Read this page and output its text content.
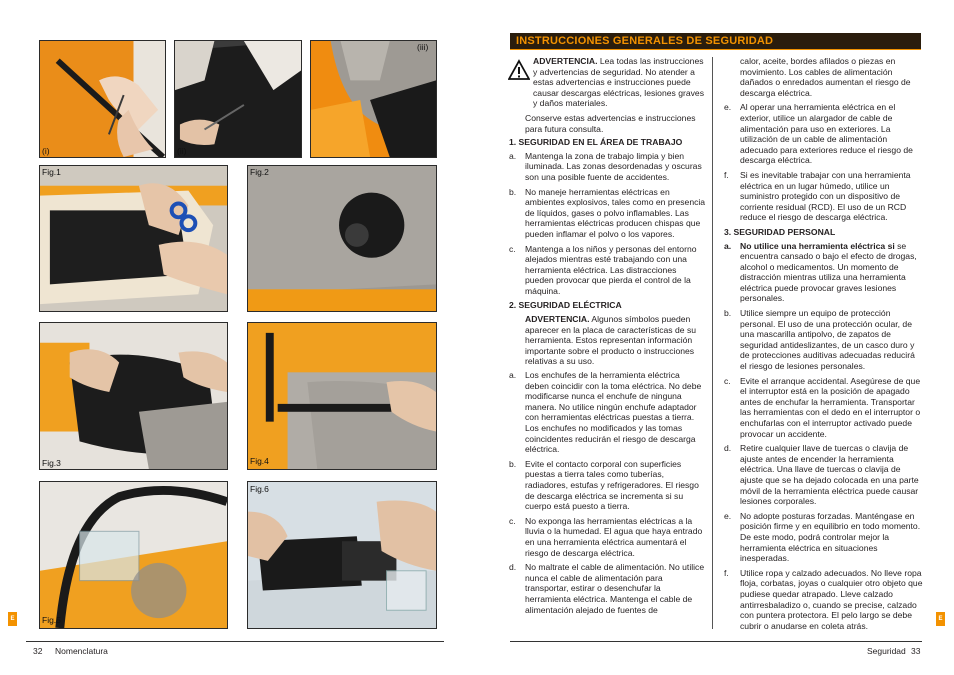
(i)	(ii)
(iii)
Fig.1	Fig.2
Fig.3	Fig.4
Fig.5
Fig.6
E	E
32 Nomenclatura	Seguridad 33
INSTRUCCIONES GENERALES DE SEGURIDAD

ADVERTENCIA. Lea todas las instrucciones y advertencias de seguridad. No atender a estas advertencias e instrucciones puede causar descargas eléctricas, lesiones graves y daños materiales.

Conserve estas advertencias e instrucciones para futura consulta.

1. SEGURIDAD EN EL ÁREA DE TRABAJO
a. Mantenga la zona de trabajo limpia y bien iluminada. Las zonas desordenadas y oscuras son una posible fuente de accidentes.
b. No maneje herramientas eléctricas en ambientes explosivos, tales como en presencia de líquidos, gases o polvo inflamables. Las herramientas eléctricas producen chispas que pueden inflamar el polvo o los vapores.
c. Mantenga a los niños y personas del entorno alejados mientras esté trabajando con una herramienta eléctrica. Las distracciones pueden provocar que pierda el control de la máquina.
2. SEGURIDAD ELÉCTRICA

ADVERTENCIA. Algunos símbolos pueden aparecer en la placa de características de su herramienta. Estos representan información importante sobre el producto o instrucciones relativas a su uso.

a. Los enchufes de la herramienta eléctrica deben coincidir con la toma eléctrica. No debe modificarse nunca el enchufe de ninguna manera. No utilice ningún enchufe adaptador con herramientas eléctricas puestas a tierra. Los enchufes no modificados y las tomas coincidentes reducirán el riesgo de descarga eléctrica.
b. Evite el contacto corporal con superficies puestas a tierra tales como tuberías, radiadores, estufas y refrigeradores. El riesgo de descarga eléctrica se incrementa si su cuerpo está puesto a tierra.
c. No exponga las herramientas eléctricas a la lluvia o la humedad. El agua que haya entrado en una herramienta eléctrica aumentará el riesgo de descarga eléctrica.
d. No maltrate el cable de alimentación. No utilice nunca el cable de alimentación para transportar, estirar o desenchufar la herramienta eléctrica. Mantenga el cable de alimentación alejado de fuentes de

calor, aceite, bordes afilados o piezas en movimiento. Los cables de alimentación dañados o enredados aumentan el riesgo de descarga eléctrica.

e. Al operar una herramienta eléctrica en el exterior, utilice un alargador de cable de alimentación para uso en exteriores. La utilización de un cable de alimentación adecuado para exteriores reduce el riesgo de descarga eléctrica.
f. Si es inevitable trabajar con una herramienta eléctrica en un lugar húmedo, utilice un suministro protegido con un dispositivo de corriente residual (RCD). El uso de un RCD reduce el riesgo de descarga eléctrica.
3. SEGURIDAD PERSONAL
a. No utilice una herramienta eléctrica si se encuentra cansado o bajo el efecto de drogas, alcohol o medicamentos. Un momento de distracción mientras utiliza una herramienta eléctrica puede provocar graves lesiones personales.
b. Utilice siempre un equipo de protección personal. El uso de una protección ocular, de una mascarilla antipolvo, de zapatos de seguridad antideslizantes, de un casco duro y de protecciones auditivas adecuadas reducirá el riesgo de lesiones personales.
c. Evite el arranque accidental. Asegúrese de que el interruptor está en la posición de apagado antes de enchufar la herramienta. Transportar las herramientas con el dedo en el interruptor o enchufarlas con el interruptor activado puede provocar un accidente.
d. Retire cualquier llave de tuercas o clavija de ajuste antes de encender la herramienta eléctrica. Una llave de tuercas o clavija de ajuste que se ha dejado colocada en una parte móvil de la herramienta eléctrica puede causar lesiones corporales.
e. No adopte posturas forzadas. Manténgase en posición firme y en equilibrio en todo momento. De este modo, podrá controlar mejor la herramienta eléctrica en situaciones inesperadas.
f. Utilice ropa y calzado adecuados. No lleve ropa floja, corbatas, joyas o cualquier otro objeto que pudiese quedar atrapado. Lleve calzado antirresbaladizo o, cuando se precise, calzado con puntera protectora. El pelo largo se debe cubrir o anudarse en coleta atrás.
